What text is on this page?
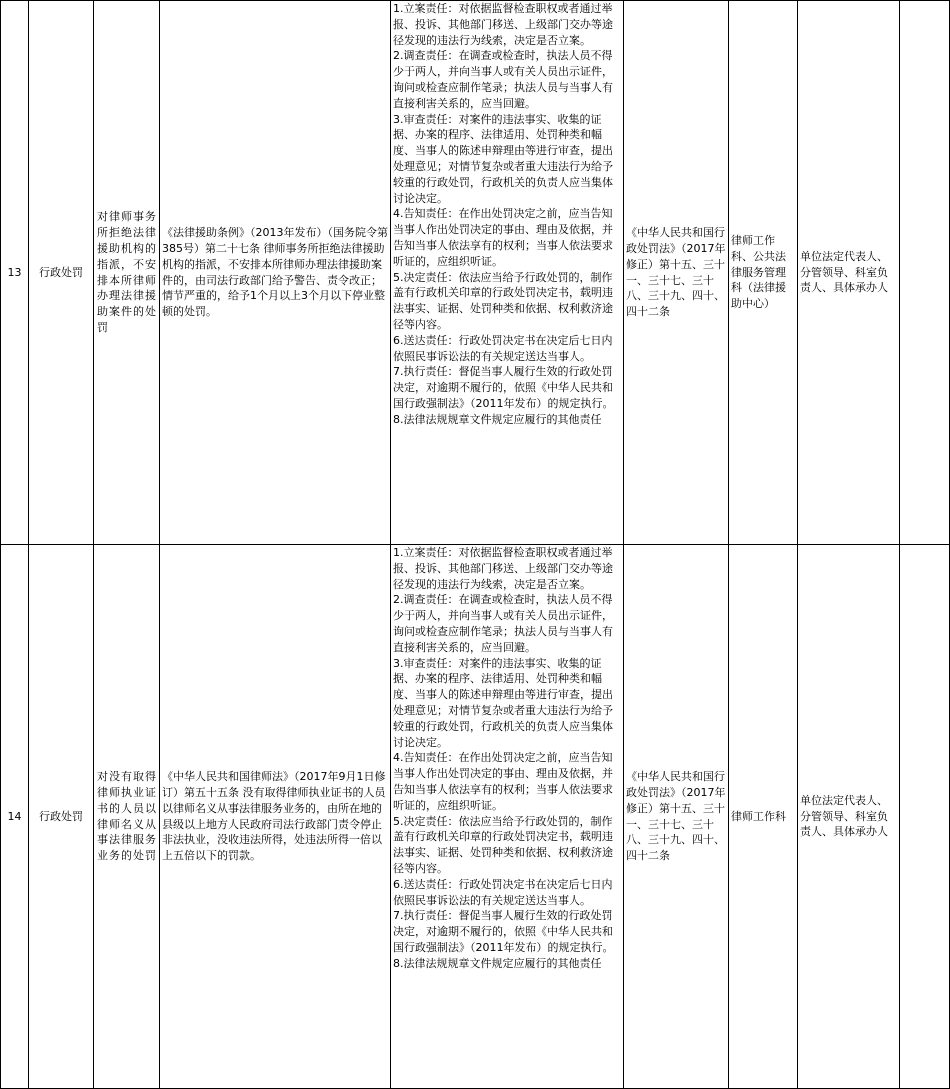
13 行政处罚
对律师事务所拒绝法律援助机构的指派，不安排本所律师办理法律援助案件的处罚
《法律援助条例》（2013年发布）（国务院令第385号）第二十七条 律师事务所拒绝法律援助机构的指派，不安排本所律师办理法律援助案件的，由司法行政部门给予警告、责令改正；情节严重的，给予1个月以上3个月以下停业整顿的处罚。
1.立案责任：对依据监督检查职权或者通过举报、投诉、其他部门移送、上级部门交办等途径发现的违法行为线索，决定是否立案。
2.调查责任：在调查或检查时，执法人员不得少于两人，并向当事人或有关人员出示证件，询问或检查应制作笔录；执法人员与当事人有直接利害关系的，应当回避。
3.审查责任：对案件的违法事实、收集的证据、办案的程序、法律适用、处罚种类和幅度、当事人的陈述申辩理由等进行审查，提出处理意见；对情节复杂或者重大违法行为给予较重的行政处罚，行政机关的负责人应当集体讨论决定。
4.告知责任：在作出处罚决定之前，应当告知当事人作出处罚决定的事由、理由及依据，并告知当事人依法享有的权利；当事人依法要求听证的，应组织听证。
5.决定责任：依法应当给予行政处罚的，制作盖有行政机关印章的行政处罚决定书，载明违法事实、证据、处罚种类和依据、权利救济途径等内容。
6.送达责任：行政处罚决定书在决定后七日内依照民事诉讼法的有关规定送达当事人。
7.执行责任：督促当事人履行生效的行政处罚决定，对逾期不履行的，依照《中华人民共和国行政强制法》（2011年发布）的规定执行。
8.法律法规规章文件规定应履行的其他责任
《中华人民共和国行政处罚法》（2017年修正）第十五、三十一、三十七、三十八、三十九、四十、四十二条
律师工作科、公共法律服务管理科（法律援助中心）
单位法定代表人、分管领导、科室负责人、具体承办人
14 行政处罚
对没有取得律师执业证书的人员以律师名义从事法律服务业务的处罚
《中华人民共和国律师法》（2017年9月1日修订）第五十五条 没有取得律师执业证书的人员以律师名义从事法律服务业务的，由所在地的县级以上地方人民政府司法行政部门责令停止非法执业，没收违法所得，处违法所得一倍以上五倍以下的罚款。
1.立案责任：对依据监督检查职权或者通过举报、投诉、其他部门移送、上级部门交办等途径发现的违法行为线索，决定是否立案。
2.调查责任：在调查或检查时，执法人员不得少于两人，并向当事人或有关人员出示证件，询问或检查应制作笔录；执法人员与当事人有直接利害关系的，应当回避。
3.审查责任：对案件的违法事实、收集的证据、办案的程序、法律适用、处罚种类和幅度、当事人的陈述申辩理由等进行审查，提出处理意见；对情节复杂或者重大违法行为给予较重的行政处罚，行政机关的负责人应当集体讨论决定。
4.告知责任：在作出处罚决定之前，应当告知当事人作出处罚决定的事由、理由及依据，并告知当事人依法享有的权利；当事人依法要求听证的，应组织听证。
5.决定责任：依法应当给予行政处罚的，制作盖有行政机关印章的行政处罚决定书，载明违法事实、证据、处罚种类和依据、权利救济途径等内容。
6.送达责任：行政处罚决定书在决定后七日内依照民事诉讼法的有关规定送达当事人。
7.执行责任：督促当事人履行生效的行政处罚决定，对逾期不履行的，依照《中华人民共和国行政强制法》（2011年发布）的规定执行。
8.法律法规规章文件规定应履行的其他责任
《中华人民共和国行政处罚法》（2017年修正）第十五、三十一、三十七、三十八、三十九、四十、四十二条
律师工作科
单位法定代表人、分管领导、科室负责人、具体承办人
